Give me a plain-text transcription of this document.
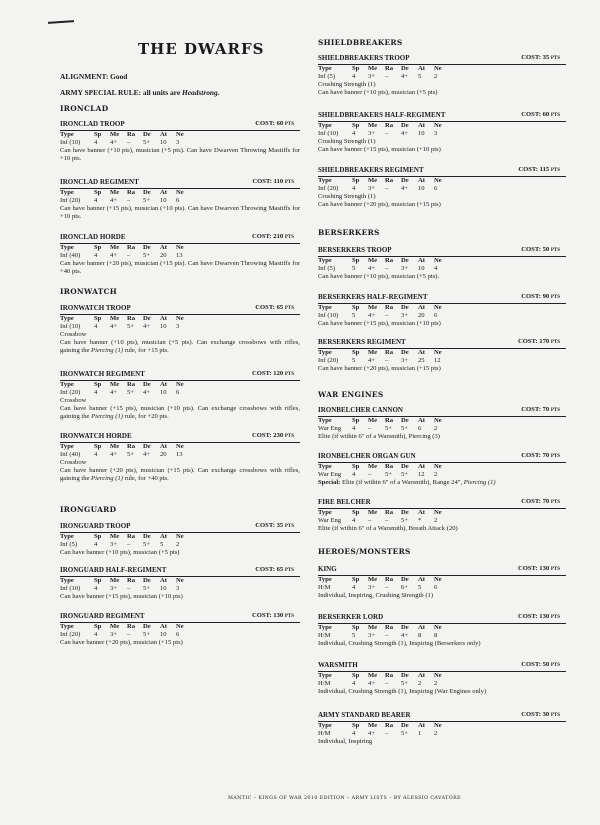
THE DWARFS
ALIGNMENT: Good
ARMY SPECIAL RULE: all units are Headstrong.
IRONCLAD
IRONCLAD TROOP	COST: 60 PTS
Type	Sp	Me	Ra	De	At	Ne
Inf (10)	4	4+	–	5+	10	3
Can have banner (+10 pts), musician (+5 pts). Can have Dwarven Throwing Mastiffs for +10 pts.
IRONCLAD REGIMENT	COST: 110 PTS
Type	Sp	Me	Ra	De	At	Ne
Inf (20)	4	4+	–	5+	10	6
Can have banner (+15 pts), musician (+10 pts). Can have Dwarven Throwing Mastiffs for +10 pts.
IRONCLAD HORDE	COST: 210 PTS
Type	Sp	Me	Ra	De	At	Ne
Inf (40)	4	4+	–	5+	20	13
Can have banner (+20 pts), musician (+15 pts). Can have Dwarven Throwing Mastiffs for +40 pts.
IRONWATCH
IRONWATCH TROOP	COST: 65 PTS
Type	Sp	Me	Ra	De	At	Ne
Inf (10)	4	4+	5+	4+	10	3
Crossbow
Can have banner (+10 pts), musician (+5 pts). Can exchange crossbows with rifles, gaining the Piercing (1) rule, for +15 pts.
IRONWATCH REGIMENT	COST: 120 PTS
Type	Sp	Me	Ra	De	At	Ne
Inf (20)	4	4+	5+	4+	10	6
Crossbow
Can have banner (+15 pts), musician (+10 pts). Can exchange crossbows with rifles, gaining the Piercing (1) rule, for +20 pts.
IRONWATCH HORDE	COST: 230 PTS
Type	Sp	Me	Ra	De	At	Ne
Inf (40)	4	4+	5+	4+	20	13
Crossbow
Can have banner (+20 pts), musician (+15 pts). Can exchange crossbows with rifles, gaining the Piercing (1) rule, for +40 pts.
IRONGUARD
IRONGUARD TROOP	COST: 35 PTS
Type	Sp	Me	Ra	De	At	Ne
Inf (5)	4	3+	–	5+	5	2
Can have banner (+10 pts), musician (+5 pts)
IRONGUARD HALF-REGIMENT	COST: 65 PTS
Type	Sp	Me	Ra	De	At	Ne
Inf (10)	4	3+	–	5+	10	3
Can have banner (+15 pts), musician (+10 pts)
IRONGUARD REGIMENT	COST: 130 PTS
Type	Sp	Me	Ra	De	At	Ne
Inf (20)	4	3+	–	5+	10	6
Can have banner (+20 pts), musician (+15 pts)
SHIELDBREAKERS
SHIELDBREAKERS TROOP	COST: 35 PTS
Type	Sp	Me	Ra	De	At	Ne
Inf (5)	4	3+	–	4+	5	2
Crushing Strength (1)
Can have banner (+10 pts), musician (+5 pts)
SHIELDBREAKERS HALF-REGIMENT	COST: 60 PTS
Type	Sp	Me	Ra	De	At	Ne
Inf (10)	4	3+	–	4+	10	3
Crushing Strength (1)
Can have banner (+15 pts), musician (+10 pts)
SHIELDBREAKERS REGIMENT	COST: 115 PTS
Type	Sp	Me	Ra	De	At	Ne
Inf (20)	4	3+	–	4+	10	6
Crushing Strength (1)
Can have banner (+20 pts), musician (+15 pts)
BERSERKERS
BERSERKERS TROOP	COST: 50 PTS
Type	Sp	Me	Ra	De	At	Ne
Inf (5)	5	4+	–	3+	10	4
Can have banner (+10 pts), musician (+5 pts).
BERSERKERS HALF-REGIMENT	COST: 90 PTS
Type	Sp	Me	Ra	De	At	Ne
Inf (10)	5	4+	–	3+	20	6
Can have banner (+15 pts), musician (+10 pts)
BERSERKERS REGIMENT	COST: 170 PTS
Type	Sp	Me	Ra	De	At	Ne
Inf (20)	5	4+	–	3+	25	12
Can have banner (+20 pts), musician (+15 pts)
WAR ENGINES
IRONBELCHER CANNON	COST: 70 PTS
Type	Sp	Me	Ra	De	At	Ne
War Eng	4	–	5+	5+	6	2
Elite (if within 6" of a Warsmith), Piercing (3)
IRONBELCHER ORGAN GUN	COST: 70 PTS
Type	Sp	Me	Ra	De	At	Ne
War Eng	4	–	5+	5+	12	2
Special: Elite (if within 6" of a Warsmith), Range 24", Piercing (1)
FIRE BELCHER	COST: 70 PTS
Type	Sp	Me	Ra	De	At	Ne
War Eng	4	–	–	5+	*	2
Elite (if within 6" of a Warsmith), Breath Attack (20)
HEROES/MONSTERS
KING	COST: 130 PTS
Type	Sp	Me	Ra	De	At	Ne
H/M	4	3+	–	6+	5	6
Individual, Inspiring, Crushing Strength (1)
BERSERKER LORD	COST: 130 PTS
Type	Sp	Me	Ra	De	At	Ne
H/M	5	3+	–	4+	8	8
Individual, Crushing Strength (1), Inspiring (Berserkers only)
WARSMITH	COST: 50 PTS
Type	Sp	Me	Ra	De	At	Ne
H/M	4	4+	–	5+	2	2
Individual, Crushing Strength (1), Inspiring (War Engines only)
ARMY STANDARD BEARER	COST: 30 PTS
Type	Sp	Me	Ra	De	At	Ne
H/M	4	4+	–	5+	1	2
Individual, Inspiring
MANTIC – KINGS OF WAR 2010 EDITION – ARMY LISTS – BY ALESSIO CAVATORE
